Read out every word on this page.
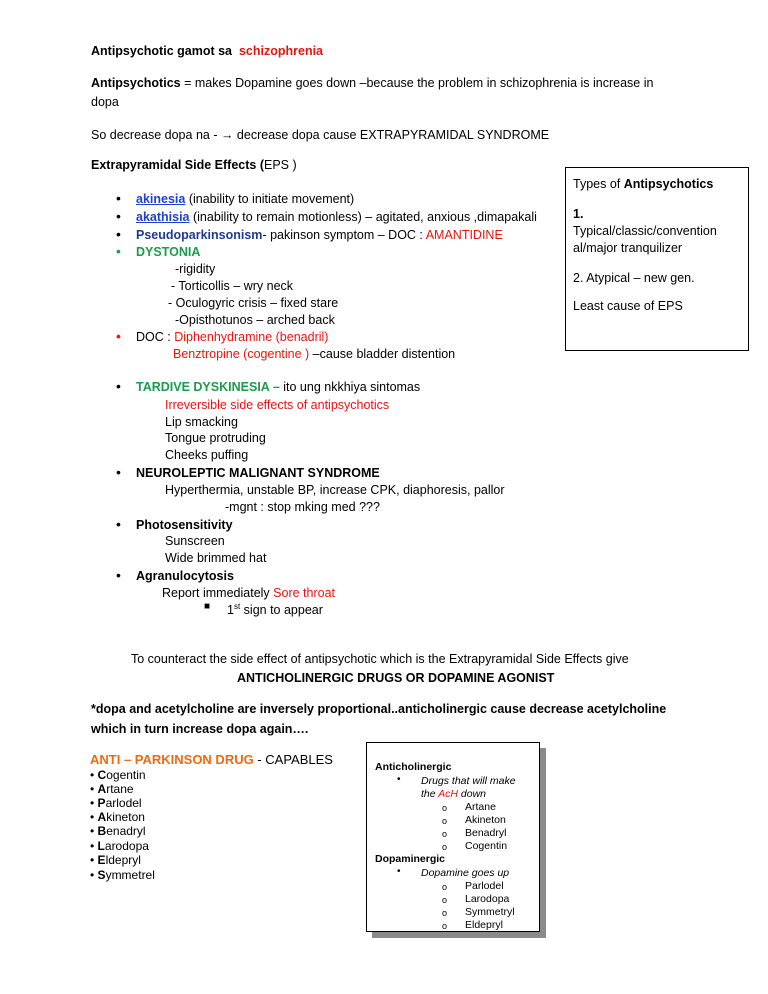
Antipsychotic gamot sa schizophrenia
Antipsychotics = makes Dopamine goes down –because the problem in schizophrenia is increase in
dopa
So decrease dopa na - → decrease dopa cause EXTRAPYRAMIDAL SYNDROME
Extrapyramidal Side Effects (EPS )
• akinesia (inability to initiate movement)
• akathisia (inability to remain motionless) – agitated, anxious ,dimapakali
• Pseudoparkinsonism- pakinson symptom – DOC : AMANTIDINE
• DYSTONIA
-rigidity
- Torticollis – wry neck
- Oculogyric crisis – fixed stare
-Opisthotunos – arched back
• DOC : Diphenhydramine (benadril)
Benztropine (cogentine ) –cause bladder distention
• TARDIVE DYSKINESIA – ito ung nkkhiya sintomas
Irreversible side effects of antipsychotics
Lip smacking
Tongue protruding
Cheeks puffing
• NEUROLEPTIC MALIGNANT SYNDROME
Hyperthermia, unstable BP, increase CPK, diaphoresis, pallor
-mgnt : stop mking med ???
• Photosensitivity
Sunscreen
Wide brimmed hat
• Agranulocytosis
Report immediately Sore throat
■ 1st sign to appear
To counteract the side effect of antipsychotic which is the Extrapyramidal Side Effects give
ANTICHOLINERGIC DRUGS OR DOPAMINE AGONIST
*dopa and acetylcholine are inversely proportional..anticholinergic cause decrease acetylcholine
which in turn increase dopa again….
Types of Antipsychotics
1.
Typical/classic/convention
al/major tranquilizer
2. Atypical – new gen.
Least cause of EPS
ANTI – PARKINSON DRUG - CAPABLES
• Cogentin
• Artane
• Parlodel
• Akineton
• Benadryl
• Larodopa
• Eldepryl
• Symmetrel
Anticholinergic
• Drugs that will make
the AcH down
o Artane
o Akineton
o Benadryl
o Cogentin
Dopaminergic
• Dopamine goes up
o Parlodel
o Larodopa
o Symmetryl
o Eldepryl
